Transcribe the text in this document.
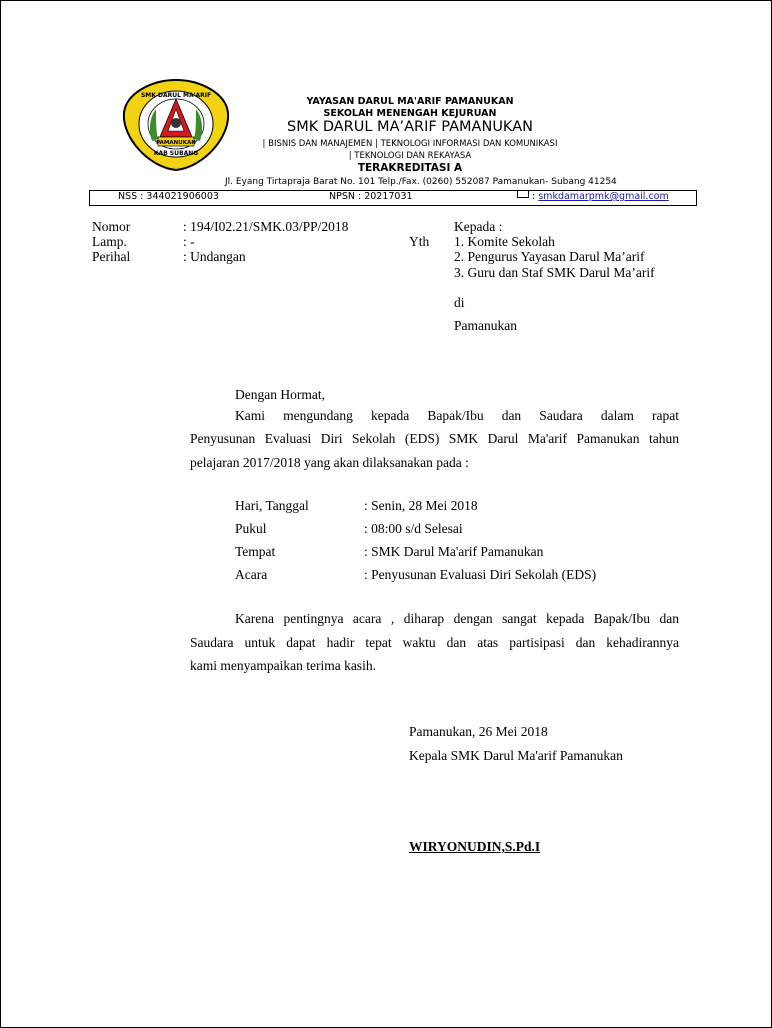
PAMANUKAN
SMK DARUL MA'ARIF
KAB SUBANG
YAYASAN DARUL MA'ARIF PAMANUKAN
SEKOLAH MENENGAH KEJURUAN
SMK DARUL MA’ARIF PAMANUKAN
| BISNIS DAN MANAJEMEN | TEKNOLOGI INFORMASI DAN KOMUNIKASI
| TEKNOLOGI DAN REKAYASA
TERAKREDITASI A
Jl. Eyang Tirtapraja Barat No. 101 Telp./Fax. (0260) 552087 Pamanukan- Subang 41254
NSS : 344021906003	NPSN : 20217031	: smkdamarpmk@gmail.com
Nomor	: 194/I02.21/SMK.03/PP/2018
Lamp.	: -
Perihal	: Undangan
Yth
Kepada :
1. Komite Sekolah
2. Pengurus Yayasan Darul Ma’arif
3. Guru dan Staf SMK Darul Ma’arif
di
Pamanukan
Dengan Hormat,
Kami mengundang kepada Bapak/Ibu dan Saudara dalam rapat
Penyusunan Evaluasi Diri Sekolah (EDS) SMK Darul Ma'arif Pamanukan tahun
pelajaran 2017/2018 yang akan dilaksanakan pada :
Hari, Tanggal	: Senin, 28 Mei 2018
Pukul	: 08:00 s/d Selesai
Tempat	: SMK Darul Ma'arif Pamanukan
Acara	: Penyusunan Evaluasi Diri Sekolah (EDS)
Karena pentingnya acara , diharap dengan sangat kepada Bapak/Ibu dan
Saudara untuk dapat hadir tepat waktu dan atas partisipasi dan kehadirannya
kami menyampaikan terima kasih.
Pamanukan, 26 Mei 2018
Kepala SMK Darul Ma'arif Pamanukan
WIRYONUDIN,S.Pd.I
